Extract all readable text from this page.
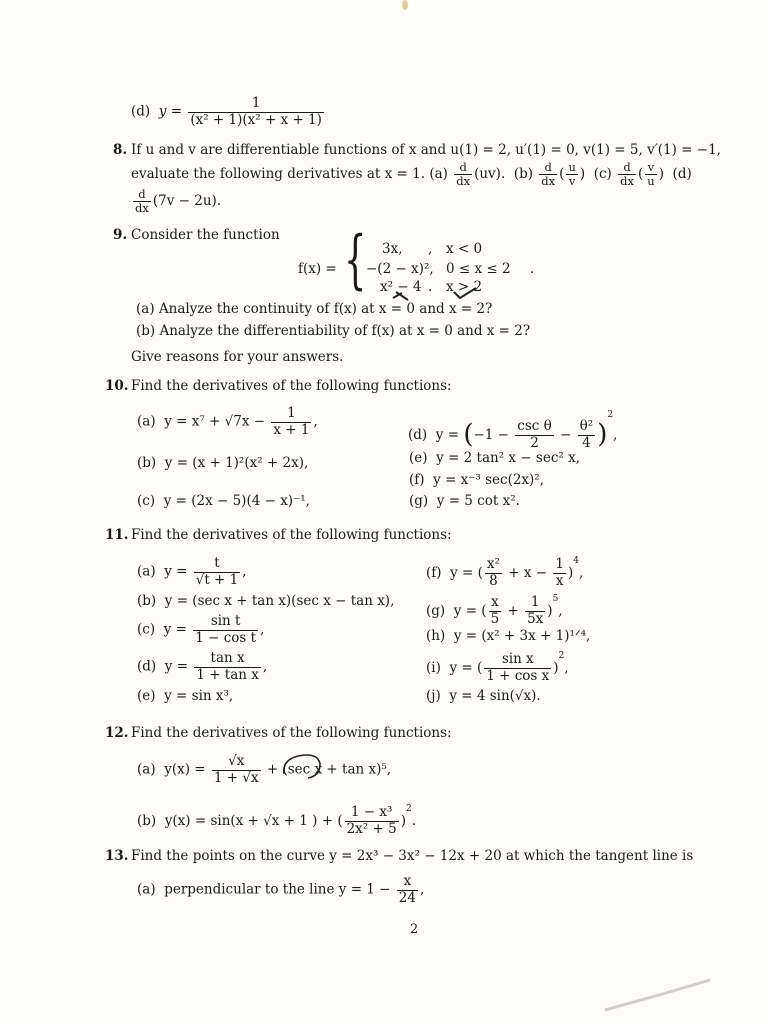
(d) $y = \frac{1}{\text{(x² + 1)(x² + x + 1)}}$
8. If u and v are differentiable functions of x and u(1) = 2, u′(1) = 0, v(1) = 5, v′(1) = −1,
evaluate the following derivatives at x = 1. $(a) \frac{d}{dx} (uv)$.  $(b) \frac{d}{dx}$ ( $\frac{u}{v}$ )  $(c) \frac{d}{dx}$ ( $\frac{v}{u}$ )  (d)
$\frac{d}{dx} (7v - 2u)$.
9. Consider the function
f(x) = { 3x, , x < 0
−(2 − x)², 0 ≤ x ≤ 2 .
x² − 4 . x > 2
(a) Analyze the continuity of f(x) at x = 0 and x = 2?
(b) Analyze the differentiability of f(x) at x = 0 and x = 2?
Give reasons for your answers.
10. Find the derivatives of the following functions:
(a) $y = x^7 + √7x - \frac{1}{x + 1}$ ,
(d) $y = (-1 - \frac{\text{csc θ}}{2} - \frac{\text{θ²}}{4} )^2$,
(b) y = (x + 1)²(x² + 2x),	(e) y = 2 tan² x − sec² x,
(f) y = x⁻³ sec(2x)²,
(c) y = (2x − 5)(4 − x)⁻¹,	(g) y = 5 cot x².
11. Find the derivatives of the following functions:
(a) $y = \frac{t}{√t + 1}$ ,	(f) y = ( $\frac{\text{x²}}{8} + x - \frac{1}{x} )^4$,
(b) y = (sec x + tan x)(sec x − tan x),
(g) y = ( $\frac{x}{5} + \frac{1}{5x} )^5$,
(c) $y = \frac{\text{sin t}}{\text{1 − cos t}}$ ,	(h) y = (x² + 3x + 1)¹ᐟ⁴,
(d) $y = \frac{\text{tan x}}{\text{1 + tan x}}$ ,	(i) y = ( $\frac{\text{sin x}}{\text{1 + cos x}} )^2$,
(e) y = sin x³,	(j) y = 4 sin(√x).
12. Find the derivatives of the following functions:
(a) $y(x) = \frac{√x}{1 + √x} + (\sec$ x + tan x)⁵,
(b) y(x) = sin(x + √x + 1 ) + ( $\frac{\text{1 − x³}}{\text{2x² + 5}} )^2$.
13. Find the points on the curve y = 2x³ − 3x² − 12x + 20 at which the tangent line is
(a) perpendicular to the line $y = 1 - \frac{x}{24}$ ,
2
